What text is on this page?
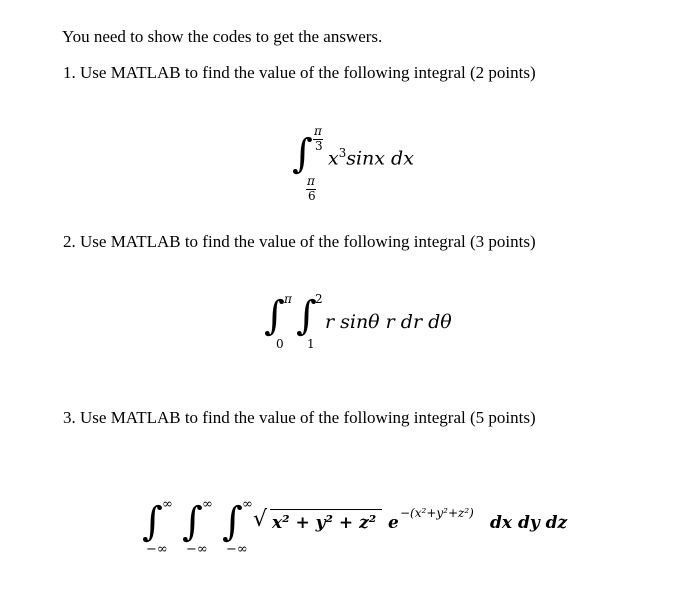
You need to show the codes to get the answers.
1. Use MATLAB to find the value of the following integral (2 points)
∫ π
3
π
6
$x^3\sin x$ dx
2. Use MATLAB to find the value of the following integral (3 points)
∫ π
0
∫
2
1
r sinθ r dr dθ
3. Use MATLAB to find the value of the following integral (5 points)
∫ ∞
−∞
∫ ∞
−∞
∫ ∞
−∞
√ x² + y² + z² e −(x²+y²+z²) dx dy dz
